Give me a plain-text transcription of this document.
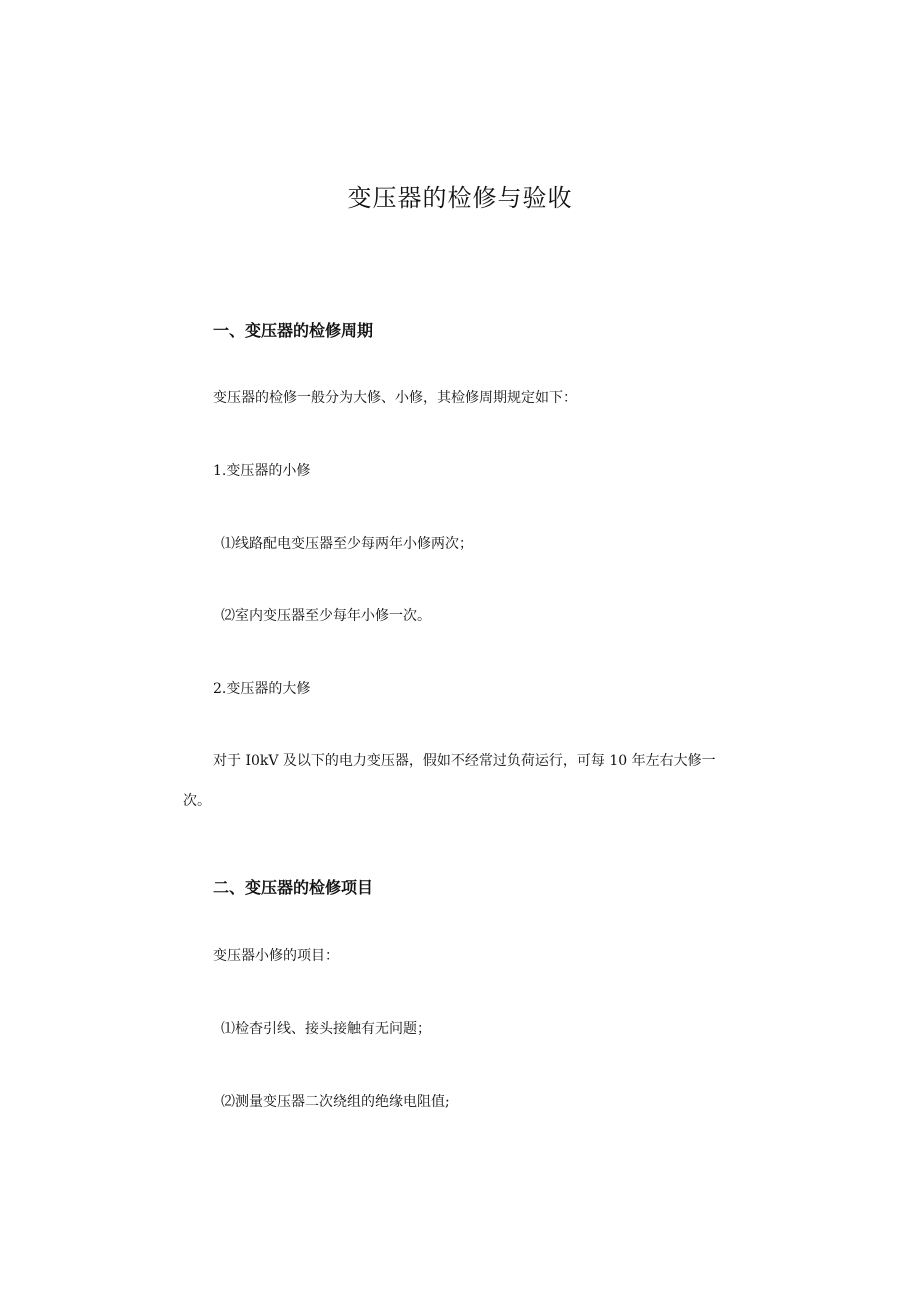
变压器的检修与验收
一、变压器的检修周期
变压器的检修一般分为大修、小修，其检修周期规定如下：
1.变压器的小修
⑴线路配电变压器至少每两年小修两次；
⑵室内变压器至少每年小修一次。
2.变压器的大修
对于 I0kV 及以下的电力变压器，假如不经常过负荷运行，可每 10 年左右大修一次。
二、变压器的检修项目
变压器小修的项目：
⑴检杳引线、接头接触有无问题；
⑵测量变压器二次绕组的绝缘电阻值;
